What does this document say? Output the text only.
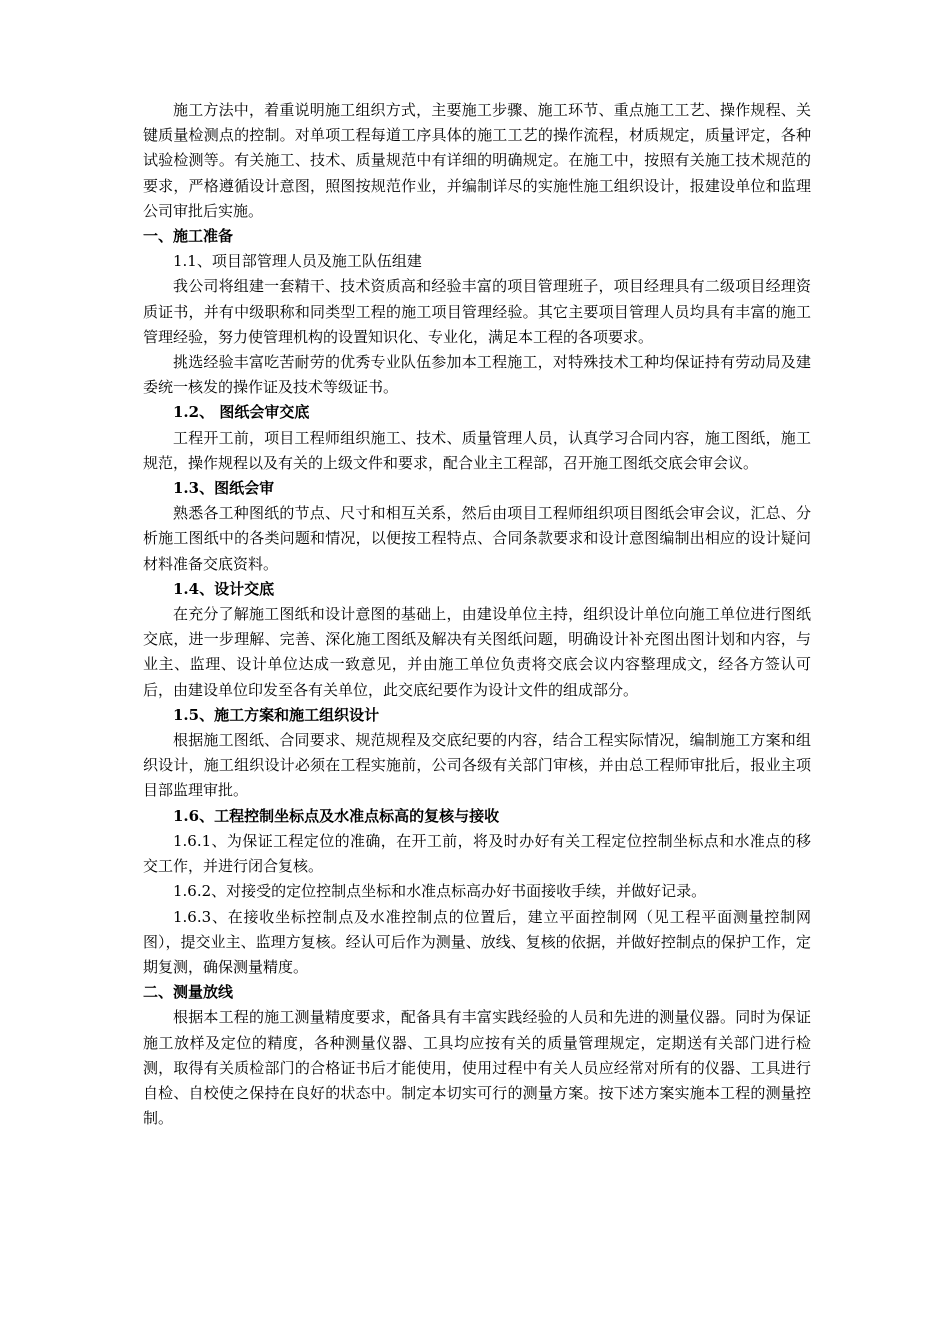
施工方法中，着重说明施工组织方式，主要施工步骤、施工环节、重点施工工艺、操作规程、关键质量检测点的控制。对单项工程每道工序具体的施工工艺的操作流程，材质规定，质量评定，各种试验检测等。有关施工、技术、质量规范中有详细的明确规定。在施工中，按照有关施工技术规范的要求，严格遵循设计意图，照图按规范作业，并编制详尽的实施性施工组织设计，报建设单位和监理公司审批后实施。

一、施工准备

1.1、项目部管理人员及施工队伍组建

我公司将组建一套精干、技术资质高和经验丰富的项目管理班子，项目经理具有二级项目经理资质证书，并有中级职称和同类型工程的施工项目管理经验。其它主要项目管理人员均具有丰富的施工管理经验，努力使管理机构的设置知识化、专业化，满足本工程的各项要求。

挑选经验丰富吃苦耐劳的优秀专业队伍参加本工程施工，对特殊技术工种均保证持有劳动局及建委统一核发的操作证及技术等级证书。

1.2、 图纸会审交底

工程开工前，项目工程师组织施工、技术、质量管理人员，认真学习合同内容，施工图纸，施工规范，操作规程以及有关的上级文件和要求，配合业主工程部，召开施工图纸交底会审会议。

1.3、图纸会审

熟悉各工种图纸的节点、尺寸和相互关系，然后由项目工程师组织项目图纸会审会议，汇总、分析施工图纸中的各类问题和情况，以便按工程特点、合同条款要求和设计意图编制出相应的设计疑问材料准备交底资料。

1.4、设计交底

在充分了解施工图纸和设计意图的基础上，由建设单位主持，组织设计单位向施工单位进行图纸交底，进一步理解、完善、深化施工图纸及解决有关图纸问题，明确设计补充图出图计划和内容，与业主、监理、设计单位达成一致意见，并由施工单位负责将交底会议内容整理成文，经各方签认可后，由建设单位印发至各有关单位，此交底纪要作为设计文件的组成部分。

1.5、施工方案和施工组织设计

根据施工图纸、合同要求、规范规程及交底纪要的内容，结合工程实际情况，编制施工方案和组织设计，施工组织设计必须在工程实施前，公司各级有关部门审核，并由总工程师审批后，报业主项目部监理审批。

1.6、工程控制坐标点及水准点标高的复核与接收

1.6.1、为保证工程定位的准确，在开工前，将及时办好有关工程定位控制坐标点和水准点的移交工作，并进行闭合复核。

1.6.2、对接受的定位控制点坐标和水准点标高办好书面接收手续，并做好记录。

1.6.3、在接收坐标控制点及水准控制点的位置后，建立平面控制网（见工程平面测量控制网图），提交业主、监理方复核。经认可后作为测量、放线、复核的依据，并做好控制点的保护工作，定期复测，确保测量精度。

二、测量放线

根据本工程的施工测量精度要求，配备具有丰富实践经验的人员和先进的测量仪器。同时为保证施工放样及定位的精度，各种测量仪器、工具均应按有关的质量管理规定，定期送有关部门进行检测，取得有关质检部门的合格证书后才能使用，使用过程中有关人员应经常对所有的仪器、工具进行自检、自校使之保持在良好的状态中。制定本切实可行的测量方案。按下述方案实施本工程的测量控制。
